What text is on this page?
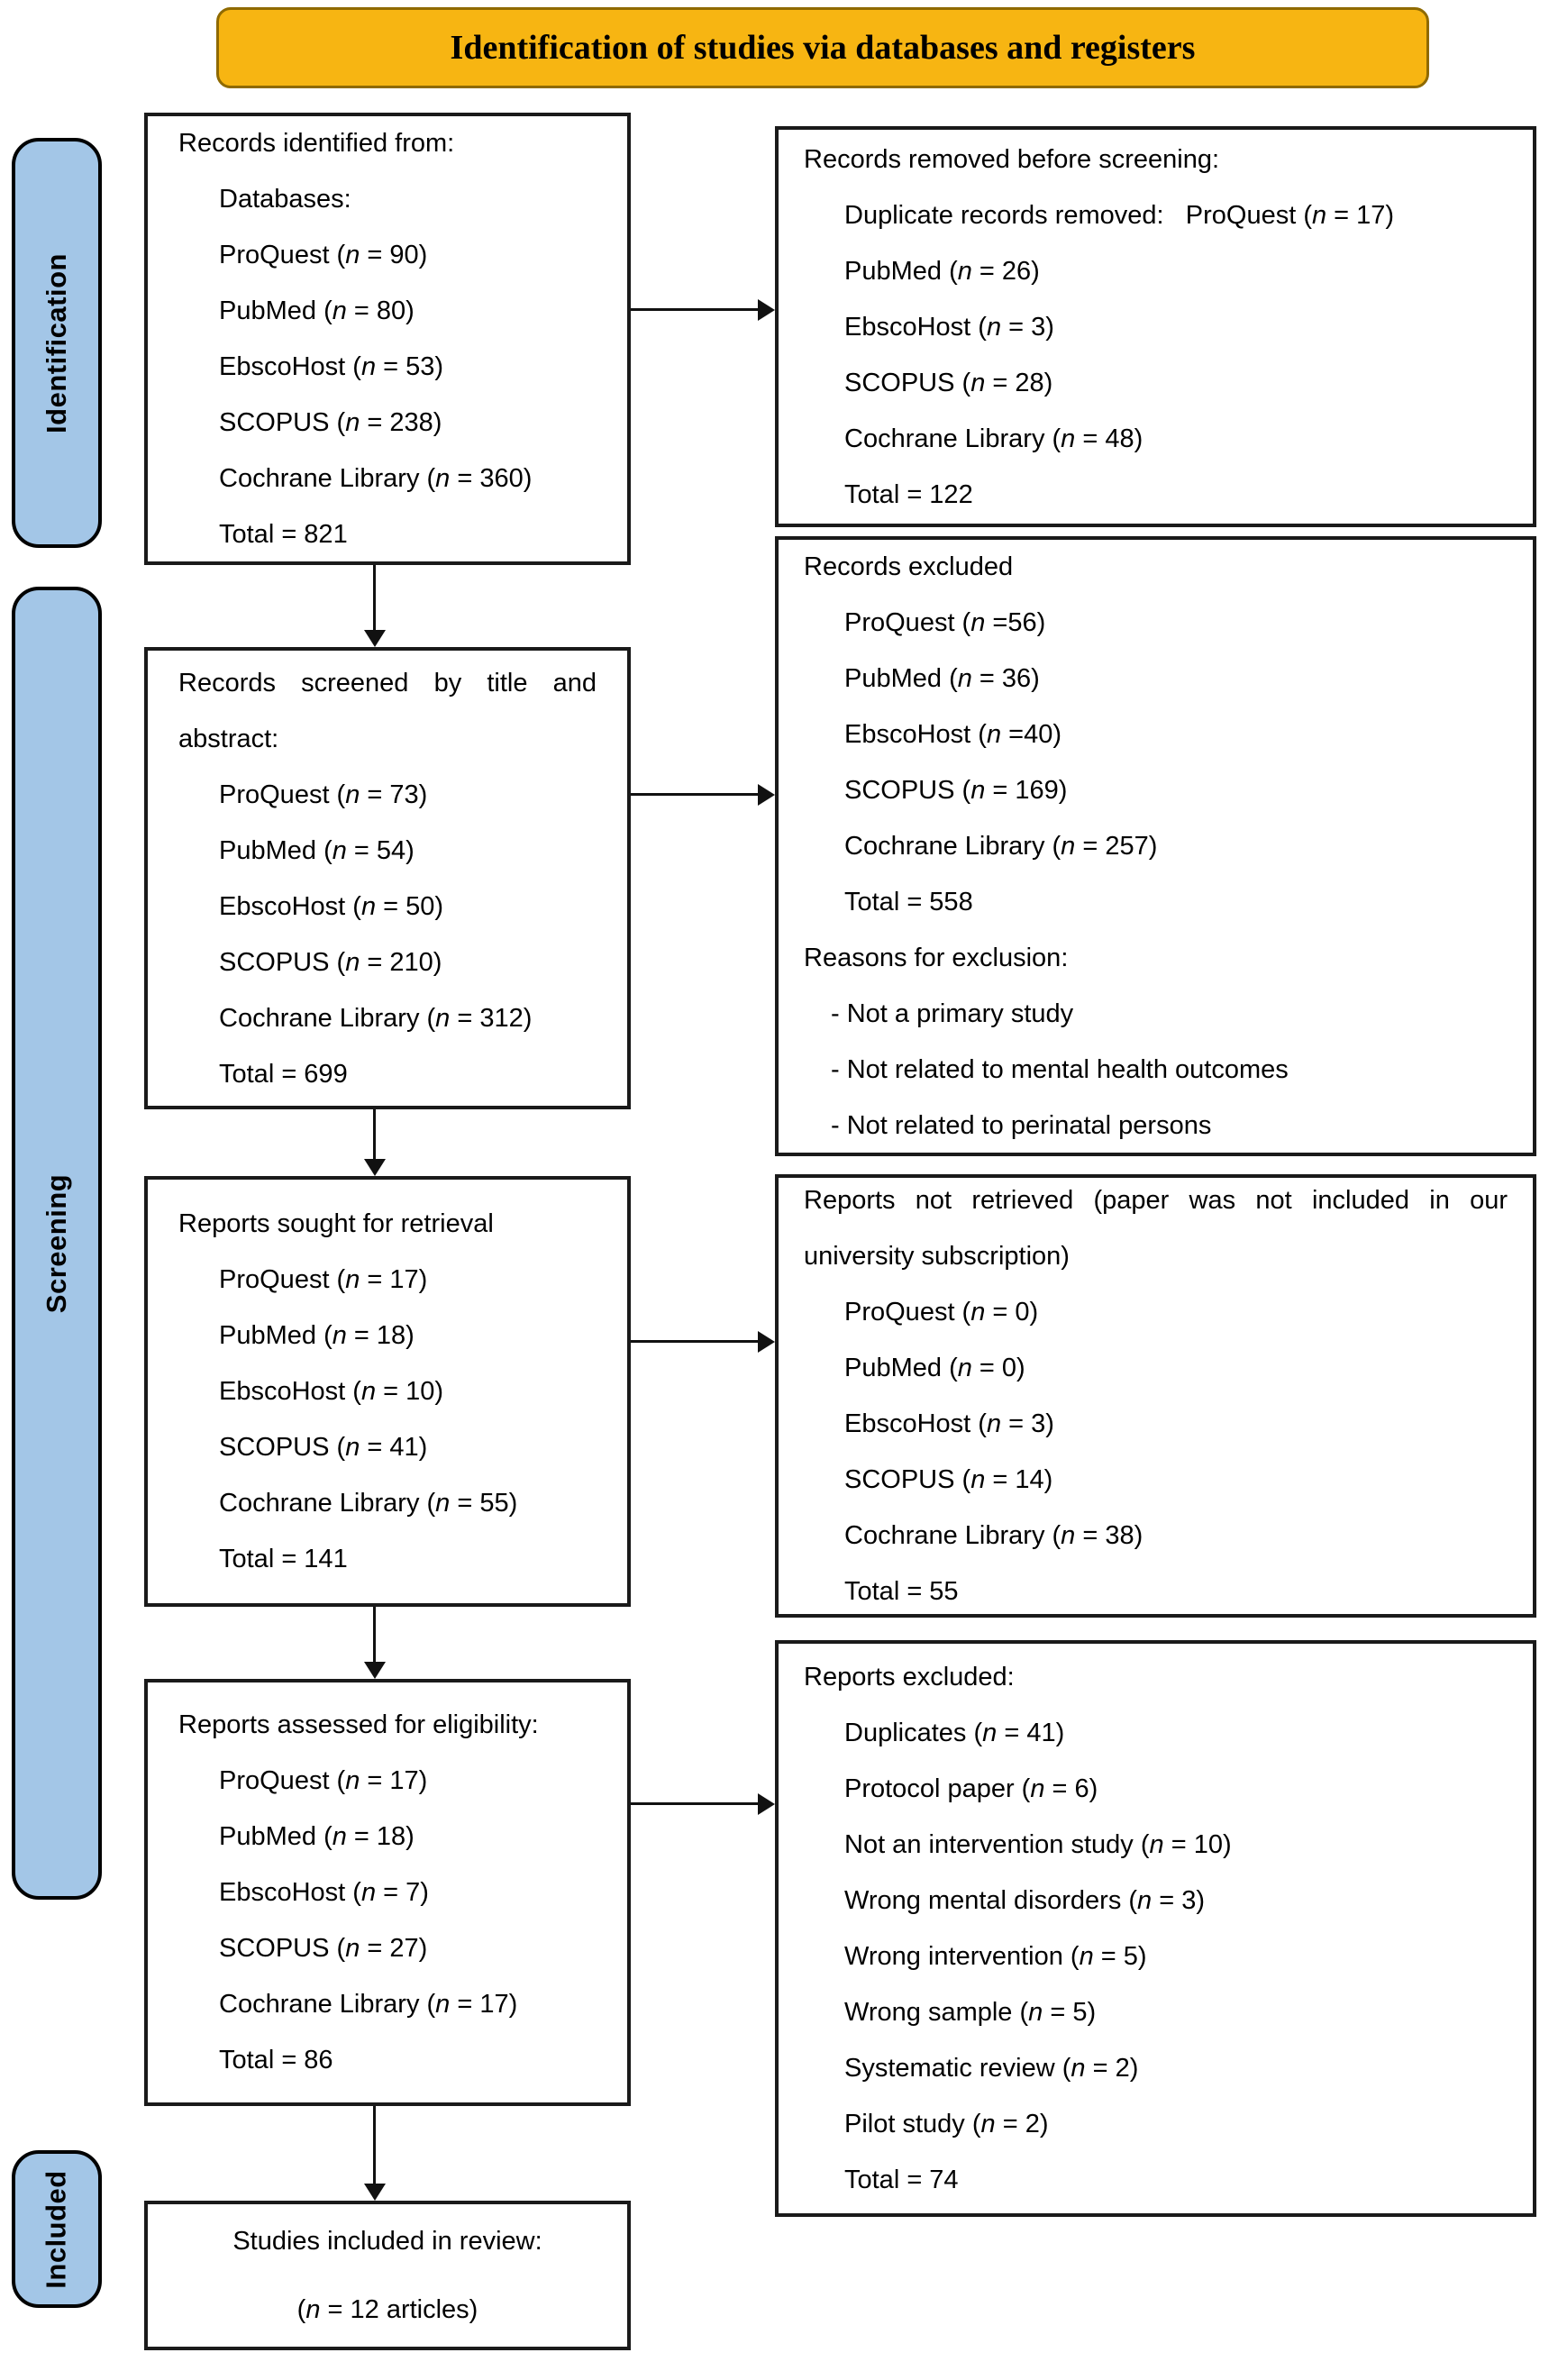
Identification of studies via databases and registers
Identification
Screening
Included
Records identified from:
Databases:
ProQuest (n = 90)
PubMed (n = 80)
EbscoHost (n = 53)
SCOPUS (n = 238)
Cochrane Library (n = 360)
Total = 821
Records removed before screening:
Duplicate records removed:   ProQuest (n = 17)
PubMed (n = 26)
EbscoHost (n = 3)
SCOPUS (n = 28)
Cochrane Library (n = 48)
Total = 122
Records screened by title and abstract:
ProQuest (n = 73)
PubMed (n = 54)
EbscoHost (n = 50)
SCOPUS (n = 210)
Cochrane Library (n = 312)
Total = 699
Records excluded
ProQuest (n =56)
PubMed (n = 36)
EbscoHost (n =40)
SCOPUS (n = 169)
Cochrane Library (n = 257)
Total = 558
Reasons for exclusion:
- Not a primary study
- Not related to mental health outcomes
- Not related to perinatal persons
Reports sought for retrieval
ProQuest (n = 17)
PubMed (n = 18)
EbscoHost (n = 10)
SCOPUS (n = 41)
Cochrane Library (n = 55)
Total = 141
Reports not retrieved (paper was not included in our university subscription)
ProQuest (n = 0)
PubMed (n = 0)
EbscoHost (n = 3)
SCOPUS (n = 14)
Cochrane Library (n = 38)
Total = 55
Reports assessed for eligibility:
ProQuest (n = 17)
PubMed (n = 18)
EbscoHost (n = 7)
SCOPUS (n = 27)
Cochrane Library (n = 17)
Total = 86
Reports excluded:
Duplicates (n = 41)
Protocol paper (n = 6)
Not an intervention study (n = 10)
Wrong mental disorders (n = 3)
Wrong intervention (n = 5)
Wrong sample (n = 5)
Systematic review (n = 2)
Pilot study (n = 2)
Total = 74
Studies included in review:
(n = 12 articles)
